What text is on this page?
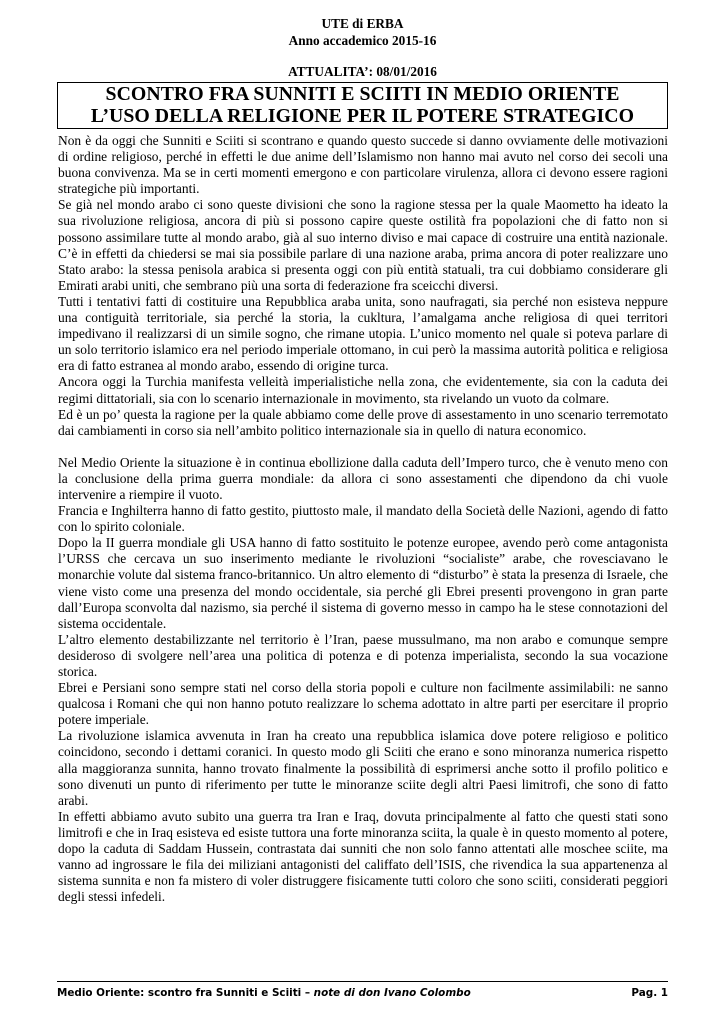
UTE di ERBA
Anno accademico 2015-16
ATTUALITA’: 08/01/2016
SCONTRO FRA SUNNITI E SCIITI IN MEDIO ORIENTE
L’USO DELLA RELIGIONE PER IL POTERE STRATEGICO

Non è da oggi che Sunniti e Sciiti si scontrano e quando questo succede si danno ovviamente delle motivazioni di ordine religioso, perché in effetti le due anime dell’Islamismo non hanno mai avuto nel corso dei secoli una buona convivenza. Ma se in certi momenti emergono e con particolare virulenza, allora ci devono essere ragioni strategiche più importanti.

Se già nel mondo arabo ci sono queste divisioni che sono la ragione stessa per la quale Maometto ha ideato la sua rivoluzione religiosa, ancora di più si possono capire queste ostilità fra popolazioni che di fatto non si possono assimilare tutte al mondo arabo, già al suo interno diviso e mai capace di costruire una entità nazionale. C’è in effetti da chiedersi se mai sia possibile parlare di una nazione araba, prima ancora di poter realizzare uno Stato arabo: la stessa penisola arabica si presenta oggi con più entità statuali, tra cui dobbiamo considerare gli Emirati arabi uniti, che sembrano più una sorta di federazione fra sceicchi diversi.

Tutti i tentativi fatti di costituire una Repubblica araba unita, sono naufragati, sia perché non esisteva neppure una contiguità territoriale, sia perché la storia, la cukltura, l’amalgama anche religiosa di quei territori impedivano il realizzarsi di un simile sogno, che rimane utopia. L’unico momento nel quale si poteva parlare di un solo territorio islamico era nel periodo imperiale ottomano, in cui però la massima autorità politica e religiosa era di fatto estranea al mondo arabo, essendo di origine turca.

Ancora oggi la Turchia manifesta velleità imperialistiche nella zona, che evidentemente, sia con la caduta dei regimi dittatoriali, sia con lo scenario internazionale in movimento, sta rivelando un vuoto da colmare.

Ed è un po’ questa la ragione per la quale abbiamo come delle prove di assestamento in uno scenario terremotato dai cambiamenti in corso sia nell’ambito politico internazionale sia in quello di natura economico.

Nel Medio Oriente la situazione è in continua ebollizione dalla caduta dell’Impero turco, che è venuto meno con la conclusione della prima guerra mondiale: da allora ci sono assestamenti che dipendono da chi vuole intervenire a riempire il vuoto.

Francia e Inghilterra hanno di fatto gestito, piuttosto male, il mandato della Società delle Nazioni, agendo di fatto con lo spirito coloniale.

Dopo la II guerra mondiale gli USA hanno di fatto sostituito le potenze europee, avendo però come antagonista l’URSS che cercava un suo inserimento mediante le rivoluzioni “socialiste” arabe, che rovesciavano le monarchie volute dal sistema franco-britannico. Un altro elemento di “disturbo” è stata la presenza di Israele, che viene visto come una presenza del mondo occidentale, sia perché gli Ebrei presenti provengono in gran parte dall’Europa sconvolta dal nazismo, sia perché il sistema di governo messo in campo ha le stese connotazioni del sistema occidentale.

L’altro elemento destabilizzante nel territorio è l’Iran, paese mussulmano, ma non arabo e comunque sempre desideroso di svolgere nell’area una politica di potenza e di potenza imperialista, secondo la sua vocazione storica.

Ebrei e Persiani sono sempre stati nel corso della storia popoli e culture non facilmente assimilabili: ne sanno qualcosa i Romani che qui non hanno potuto realizzare lo schema adottato in altre parti per esercitare il proprio potere imperiale.

La rivoluzione islamica avvenuta in Iran ha creato una repubblica islamica dove potere religioso e politico coincidono, secondo i dettami coranici. In questo modo gli Sciiti che erano e sono minoranza numerica rispetto alla maggioranza sunnita, hanno trovato finalmente la possibilità di esprimersi anche sotto il profilo politico e sono divenuti un punto di riferimento per tutte le minoranze sciite degli altri Paesi limitrofi, che sono di fatto arabi.

In effetti abbiamo avuto subito una guerra tra Iran e Iraq, dovuta principalmente al fatto che questi stati sono limitrofi e che in Iraq esisteva ed esiste tuttora una forte minoranza sciita, la quale è in questo momento al potere, dopo la caduta di Saddam Hussein, contrastata dai sunniti che non solo fanno attentati alle moschee sciite, ma vanno ad ingrossare le fila dei miliziani antagonisti del califfato dell’ISIS, che rivendica la sua appartenenza al sistema sunnita e non fa mistero di voler distruggere fisicamente tutti coloro che sono sciiti, considerati peggiori degli stessi infedeli.

Medio Oriente: scontro fra Sunniti e Sciiti – note di don Ivano Colombo	Pag. 1
